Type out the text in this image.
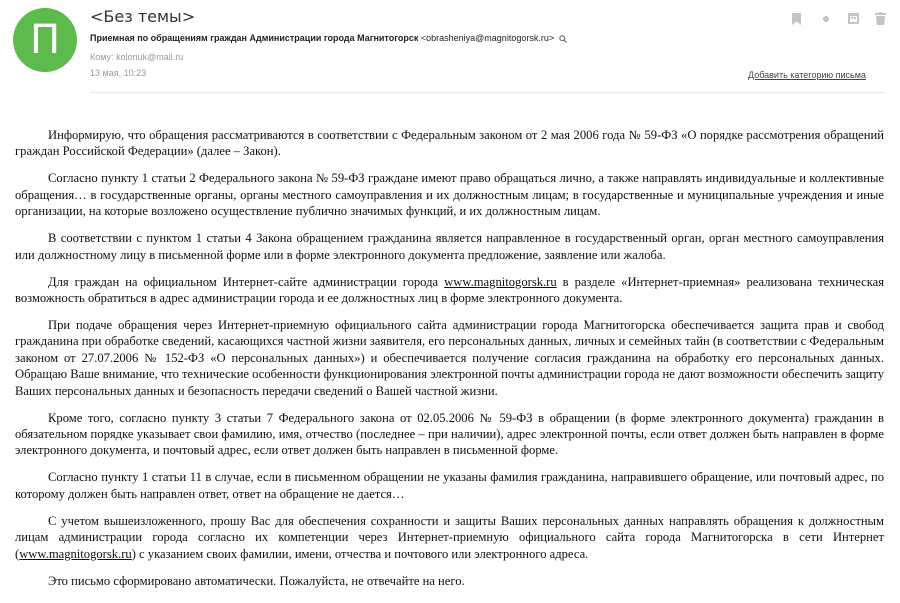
П
<Без темы>
Приемная по обращениям граждан Администрации города Магнитогорск <obrasheniya@magnitogorsk.ru>
Кому: kolonuk@mail.ru
13 мая, 10:23	Добавить категорию письма

Информирую, что обращения рассматриваются в соответствии с Федеральным законом от 2 мая 2006 года № 59-ФЗ «О порядке рассмотрения обращений граждан Российской Федерации» (далее – Закон).

Согласно пункту 1 статьи 2 Федерального закона № 59-ФЗ граждане имеют право обращаться лично, а также направлять индивидуальные и коллективные обращения… в государственные органы, органы местного самоуправления и их должностным лицам; в государственные и муниципальные учреждения и иные организации, на которые возложено осуществление публично значимых функций, и их должностным лицам.

В соответствии с пунктом 1 статьи 4 Закона обращением гражданина является направленное в государственный орган, орган местного самоуправления или должностному лицу в письменной форме или в форме электронного документа предложение, заявление или жалоба.

Для граждан на официальном Интернет-сайте администрации города www.magnitogorsk.ru в разделе «Интернет-приемная» реализована техническая возможность обратиться в адрес администрации города и ее должностных лиц в форме электронного документа.

При подаче обращения через Интернет-приемную официального сайта администрации города Магнитогорска обеспечивается защита прав и свобод гражданина при обработке сведений, касающихся частной жизни заявителя, его персональных данных, личных и семейных тайн (в соответствии с Федеральным законом от 27.07.2006 № 152-ФЗ «О персональных данных») и обеспечивается получение согласия гражданина на обработку его персональных данных. Обращаю Ваше внимание, что технические особенности функционирования электронной почты администрации города не дают возможности обеспечить защиту Ваших персональных данных и безопасность передачи сведений о Вашей частной жизни.

Кроме того, согласно пункту 3 статьи 7 Федерального закона от 02.05.2006 № 59-ФЗ в обращении (в форме электронного документа) гражданин в обязательном порядке указывает свои фамилию, имя, отчество (последнее – при наличии), адрес электронной почты, если ответ должен быть направлен в форме электронного документа, и почтовый адрес, если ответ должен быть направлен в письменной форме.

Согласно пункту 1 статьи 11 в случае, если в письменном обращении не указаны фамилия гражданина, направившего обращение, или почтовый адрес, по которому должен быть направлен ответ, ответ на обращение не дается…

С учетом вышеизложенного, прошу Вас для обеспечения сохранности и защиты Ваших персональных данных направлять обращения к должностным лицам администрации города согласно их компетенции через Интернет-приемную официального сайта города Магнитогорска в сети Интернет (www.magnitogorsk.ru) с указанием своих фамилии, имени, отчества и почтового или электронного адреса.

Это письмо сформировано автоматически. Пожалуйста, не отвечайте на него.
